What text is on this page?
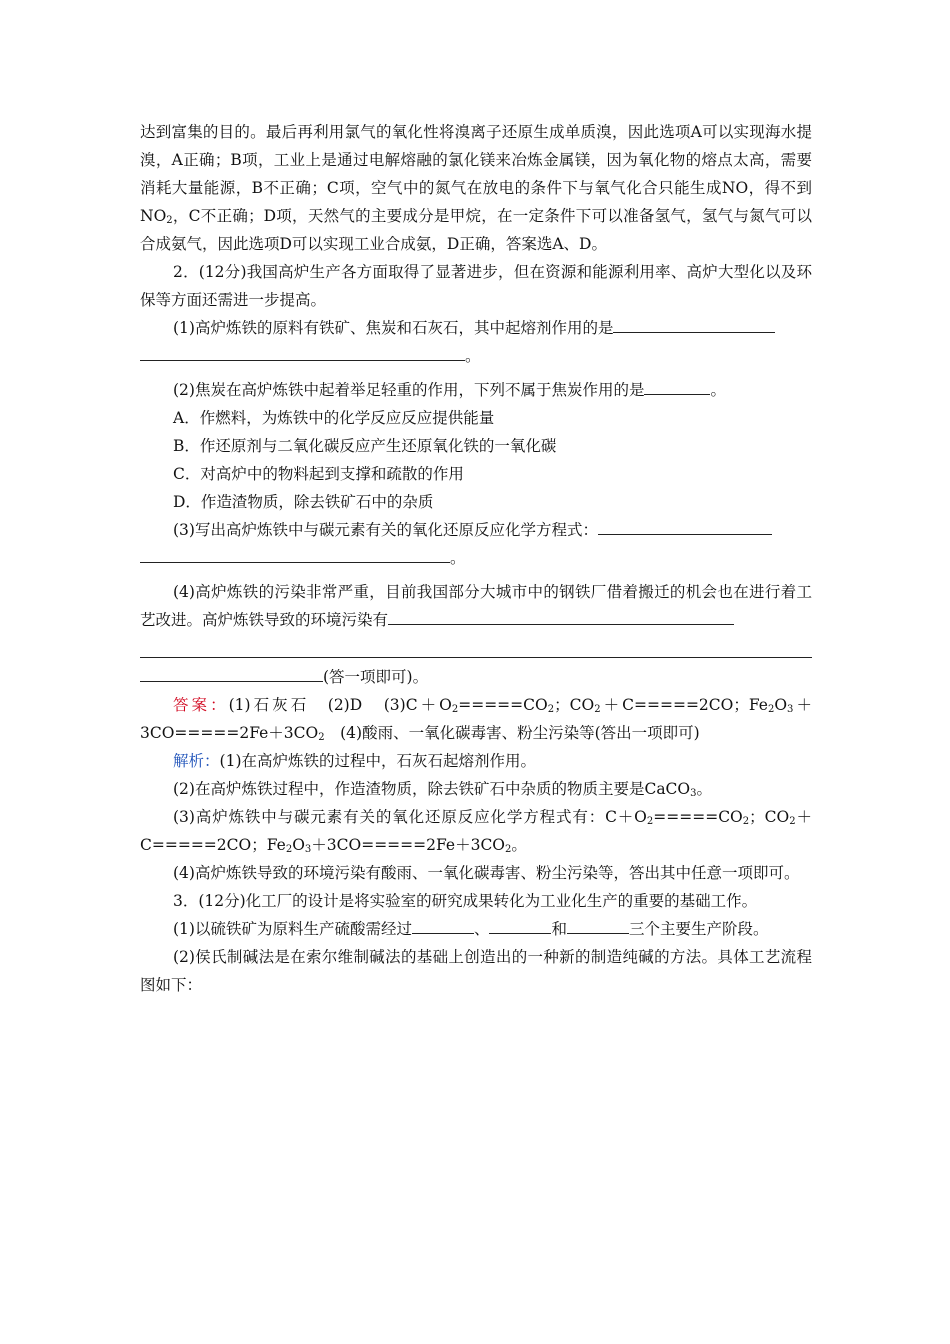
达到富集的目的。最后再利用氯气的氧化性将溴离子还原生成单质溴，因此选项A可以实现海水提溴，A正确；B项，工业上是通过电解熔融的氯化镁来冶炼金属镁，因为氧化物的熔点太高，需要消耗大量能源，B不正确；C项，空气中的氮气在放电的条件下与氧气化合只能生成NO，得不到$NO_2$，C不正确；D项，天然气的主要成分是甲烷，在一定条件下可以准备氢气，氢气与氮气可以合成氨气，因此选项D可以实现工业合成氨，D正确，答案选A、D。

2．(12分)我国高炉生产各方面取得了显著进步，但在资源和能源利用率、高炉大型化以及环保等方面还需进一步提高。

(1)高炉炼铁的原料有铁矿、焦炭和石灰石，其中起熔剂作用的是
。

(2)焦炭在高炉炼铁中起着举足轻重的作用，下列不属于焦炭作用的是	。

A．作燃料，为炼铁中的化学反应反应提供能量

B．作还原剂与二氧化碳反应产生还原氧化铁的一氧化碳

C．对高炉中的物料起到支撑和疏散的作用

D．作造渣物质，除去铁矿石中的杂质

(3)写出高炉炼铁中与碳元素有关的氧化还原反应化学方程式：
。

(4)高炉炼铁的污染非常严重，目前我国部分大城市中的钢铁厂借着搬迁的机会也在进行着工艺改进。高炉炼铁导致的环境污染有

(答一项即可)。

答案：(1)石灰石　(2)D　$(3)C+O_2=====CO_2$；$CO_2+C=====2CO$；$Fe_2O_3+3CO=====2Fe+3CO_2$　(4)酸雨、一氧化碳毒害、粉尘污染等(答出一项即可)

解析：(1)在高炉炼铁的过程中，石灰石起熔剂作用。

(2)在高炉炼铁过程中，作造渣物质，除去铁矿石中杂质的物质主要是CaCO$_3$。

(3)高炉炼铁中与碳元素有关的氧化还原反应化学方程式有：$C+O_2=====CO_2$；$CO_2+C=====2CO$；$Fe_2O_3+3CO=====2Fe+3CO_2$。

(4)高炉炼铁导致的环境污染有酸雨、一氧化碳毒害、粉尘污染等，答出其中任意一项即可。

3．(12分)化工厂的设计是将实验室的研究成果转化为工业化生产的重要的基础工作。

(1)以硫铁矿为原料生产硫酸需经过	、	和	三个主要生产阶段。

(2)侯氏制碱法是在索尔维制碱法的基础上创造出的一种新的制造纯碱的方法。具体工艺流程图如下：
